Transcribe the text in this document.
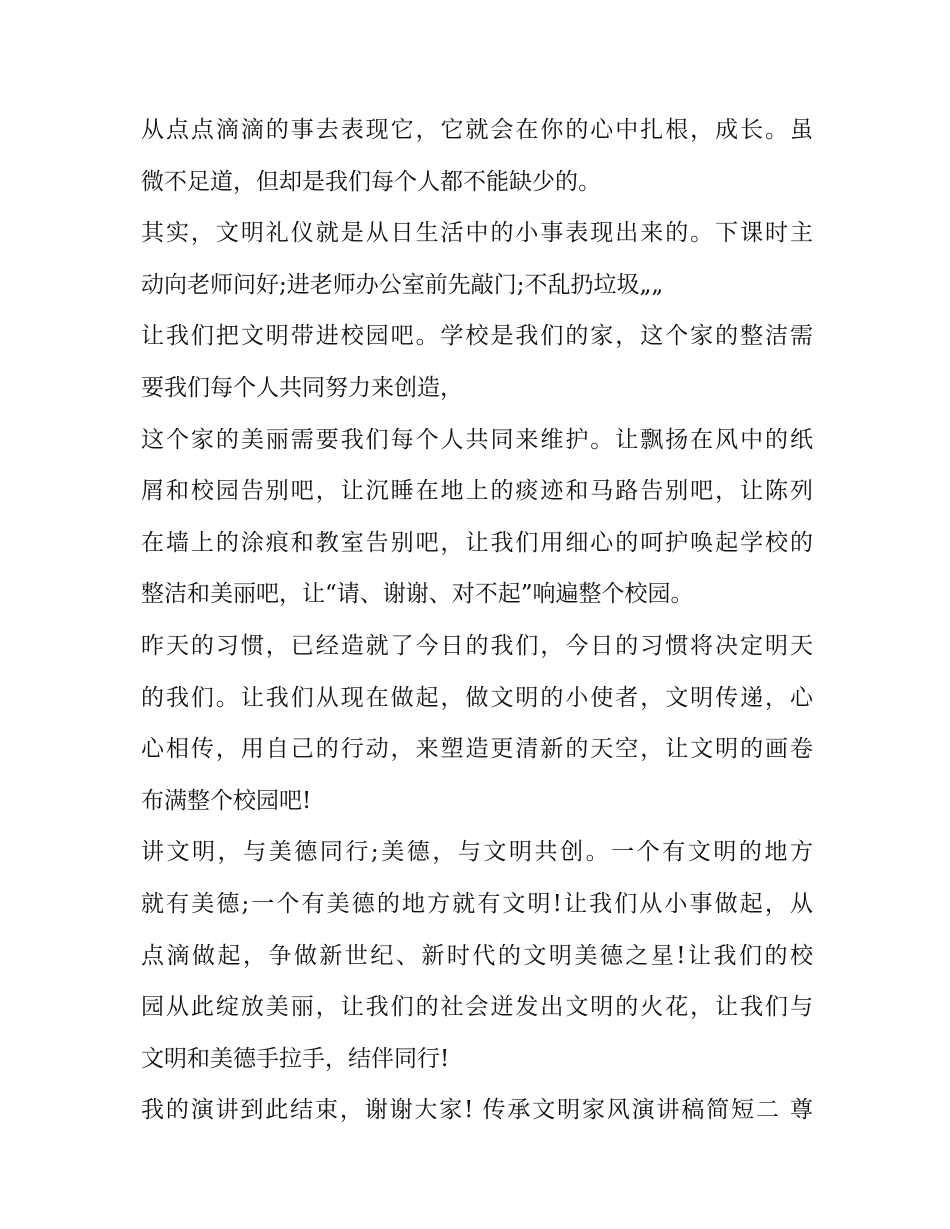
从点点滴滴的事去表现它，它就会在你的心中扎根，成长。虽
微不足道，但却是我们每个人都不能缺少的。
其实，文明礼仪就是从日生活中的小事表现出来的。下课时主
动向老师问好;进老师办公室前先敲门;不乱扔垃圾„„
让我们把文明带进校园吧。学校是我们的家，这个家的整洁需
要我们每个人共同努力来创造，
这个家的美丽需要我们每个人共同来维护。让飘扬在风中的纸
屑和校园告别吧，让沉睡在地上的痰迹和马路告别吧，让陈列
在墙上的涂痕和教室告别吧，让我们用细心的呵护唤起学校的
整洁和美丽吧，让“请、谢谢、对不起”响遍整个校园。
昨天的习惯，已经造就了今日的我们，今日的习惯将决定明天
的我们。让我们从现在做起，做文明的小使者，文明传递，心
心相传，用自己的行动，来塑造更清新的天空，让文明的画卷
布满整个校园吧!
讲文明，与美德同行;美德，与文明共创。一个有文明的地方
就有美德;一个有美德的地方就有文明!让我们从小事做起，从
点滴做起，争做新世纪、新时代的文明美德之星!让我们的校
园从此绽放美丽，让我们的社会迸发出文明的火花，让我们与
文明和美德手拉手，结伴同行!
我的演讲到此结束，谢谢大家! 传承文明家风演讲稿简短二 尊
